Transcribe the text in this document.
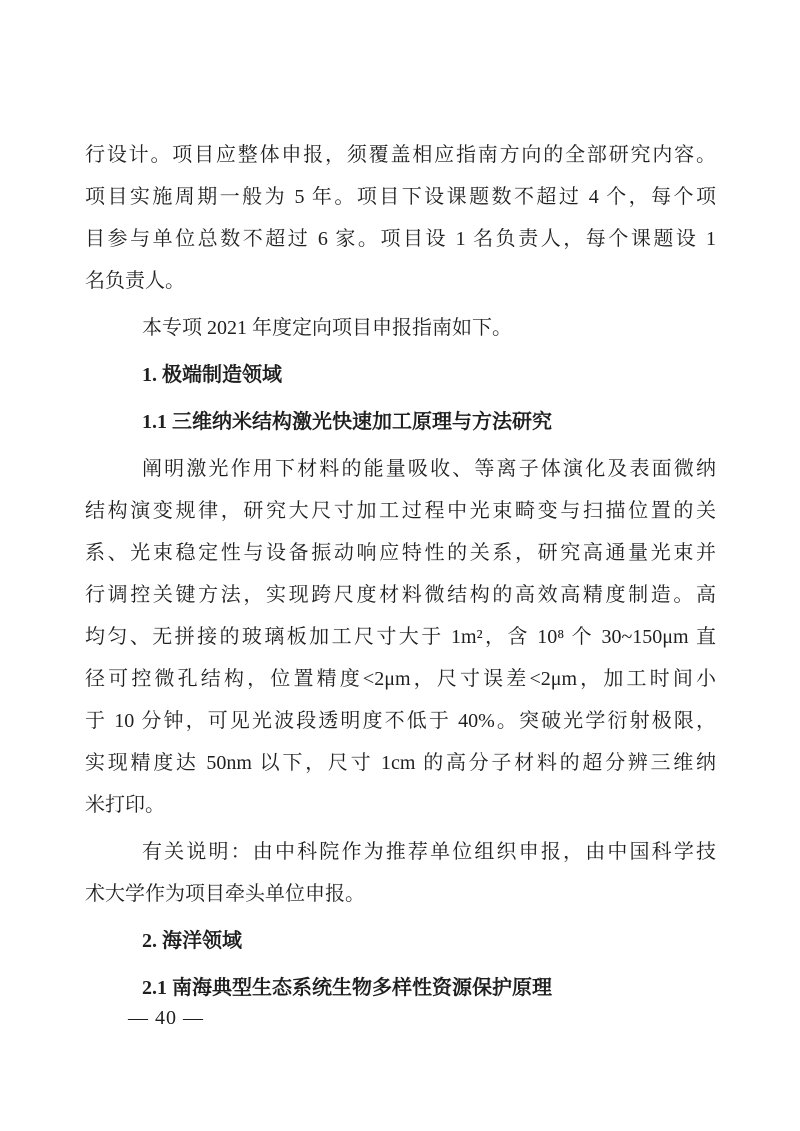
行设计。项目应整体申报，须覆盖相应指南方向的全部研究内容。
项目实施周期一般为 5 年。项目下设课题数不超过 4 个，每个项
目参与单位总数不超过 6 家。项目设 1 名负责人，每个课题设 1
名负责人。
本专项 2021 年度定向项目申报指南如下。
1. 极端制造领域
1.1 三维纳米结构激光快速加工原理与方法研究
阐明激光作用下材料的能量吸收、等离子体演化及表面微纳
结构演变规律，研究大尺寸加工过程中光束畸变与扫描位置的关
系、光束稳定性与设备振动响应特性的关系，研究高通量光束并
行调控关键方法，实现跨尺度材料微结构的高效高精度制造。高
均匀、无拼接的玻璃板加工尺寸大于 1m²，含 10⁸ 个 30~150μm 直
径可控微孔结构，位置精度<2μm，尺寸误差<2μm，加工时间小
于 10 分钟，可见光波段透明度不低于 40%。突破光学衍射极限，
实现精度达 50nm 以下，尺寸 1cm 的高分子材料的超分辨三维纳
米打印。
有关说明：由中科院作为推荐单位组织申报，由中国科学技
术大学作为项目牵头单位申报。
2. 海洋领域
2.1 南海典型生态系统生物多样性资源保护原理
— 40 —
